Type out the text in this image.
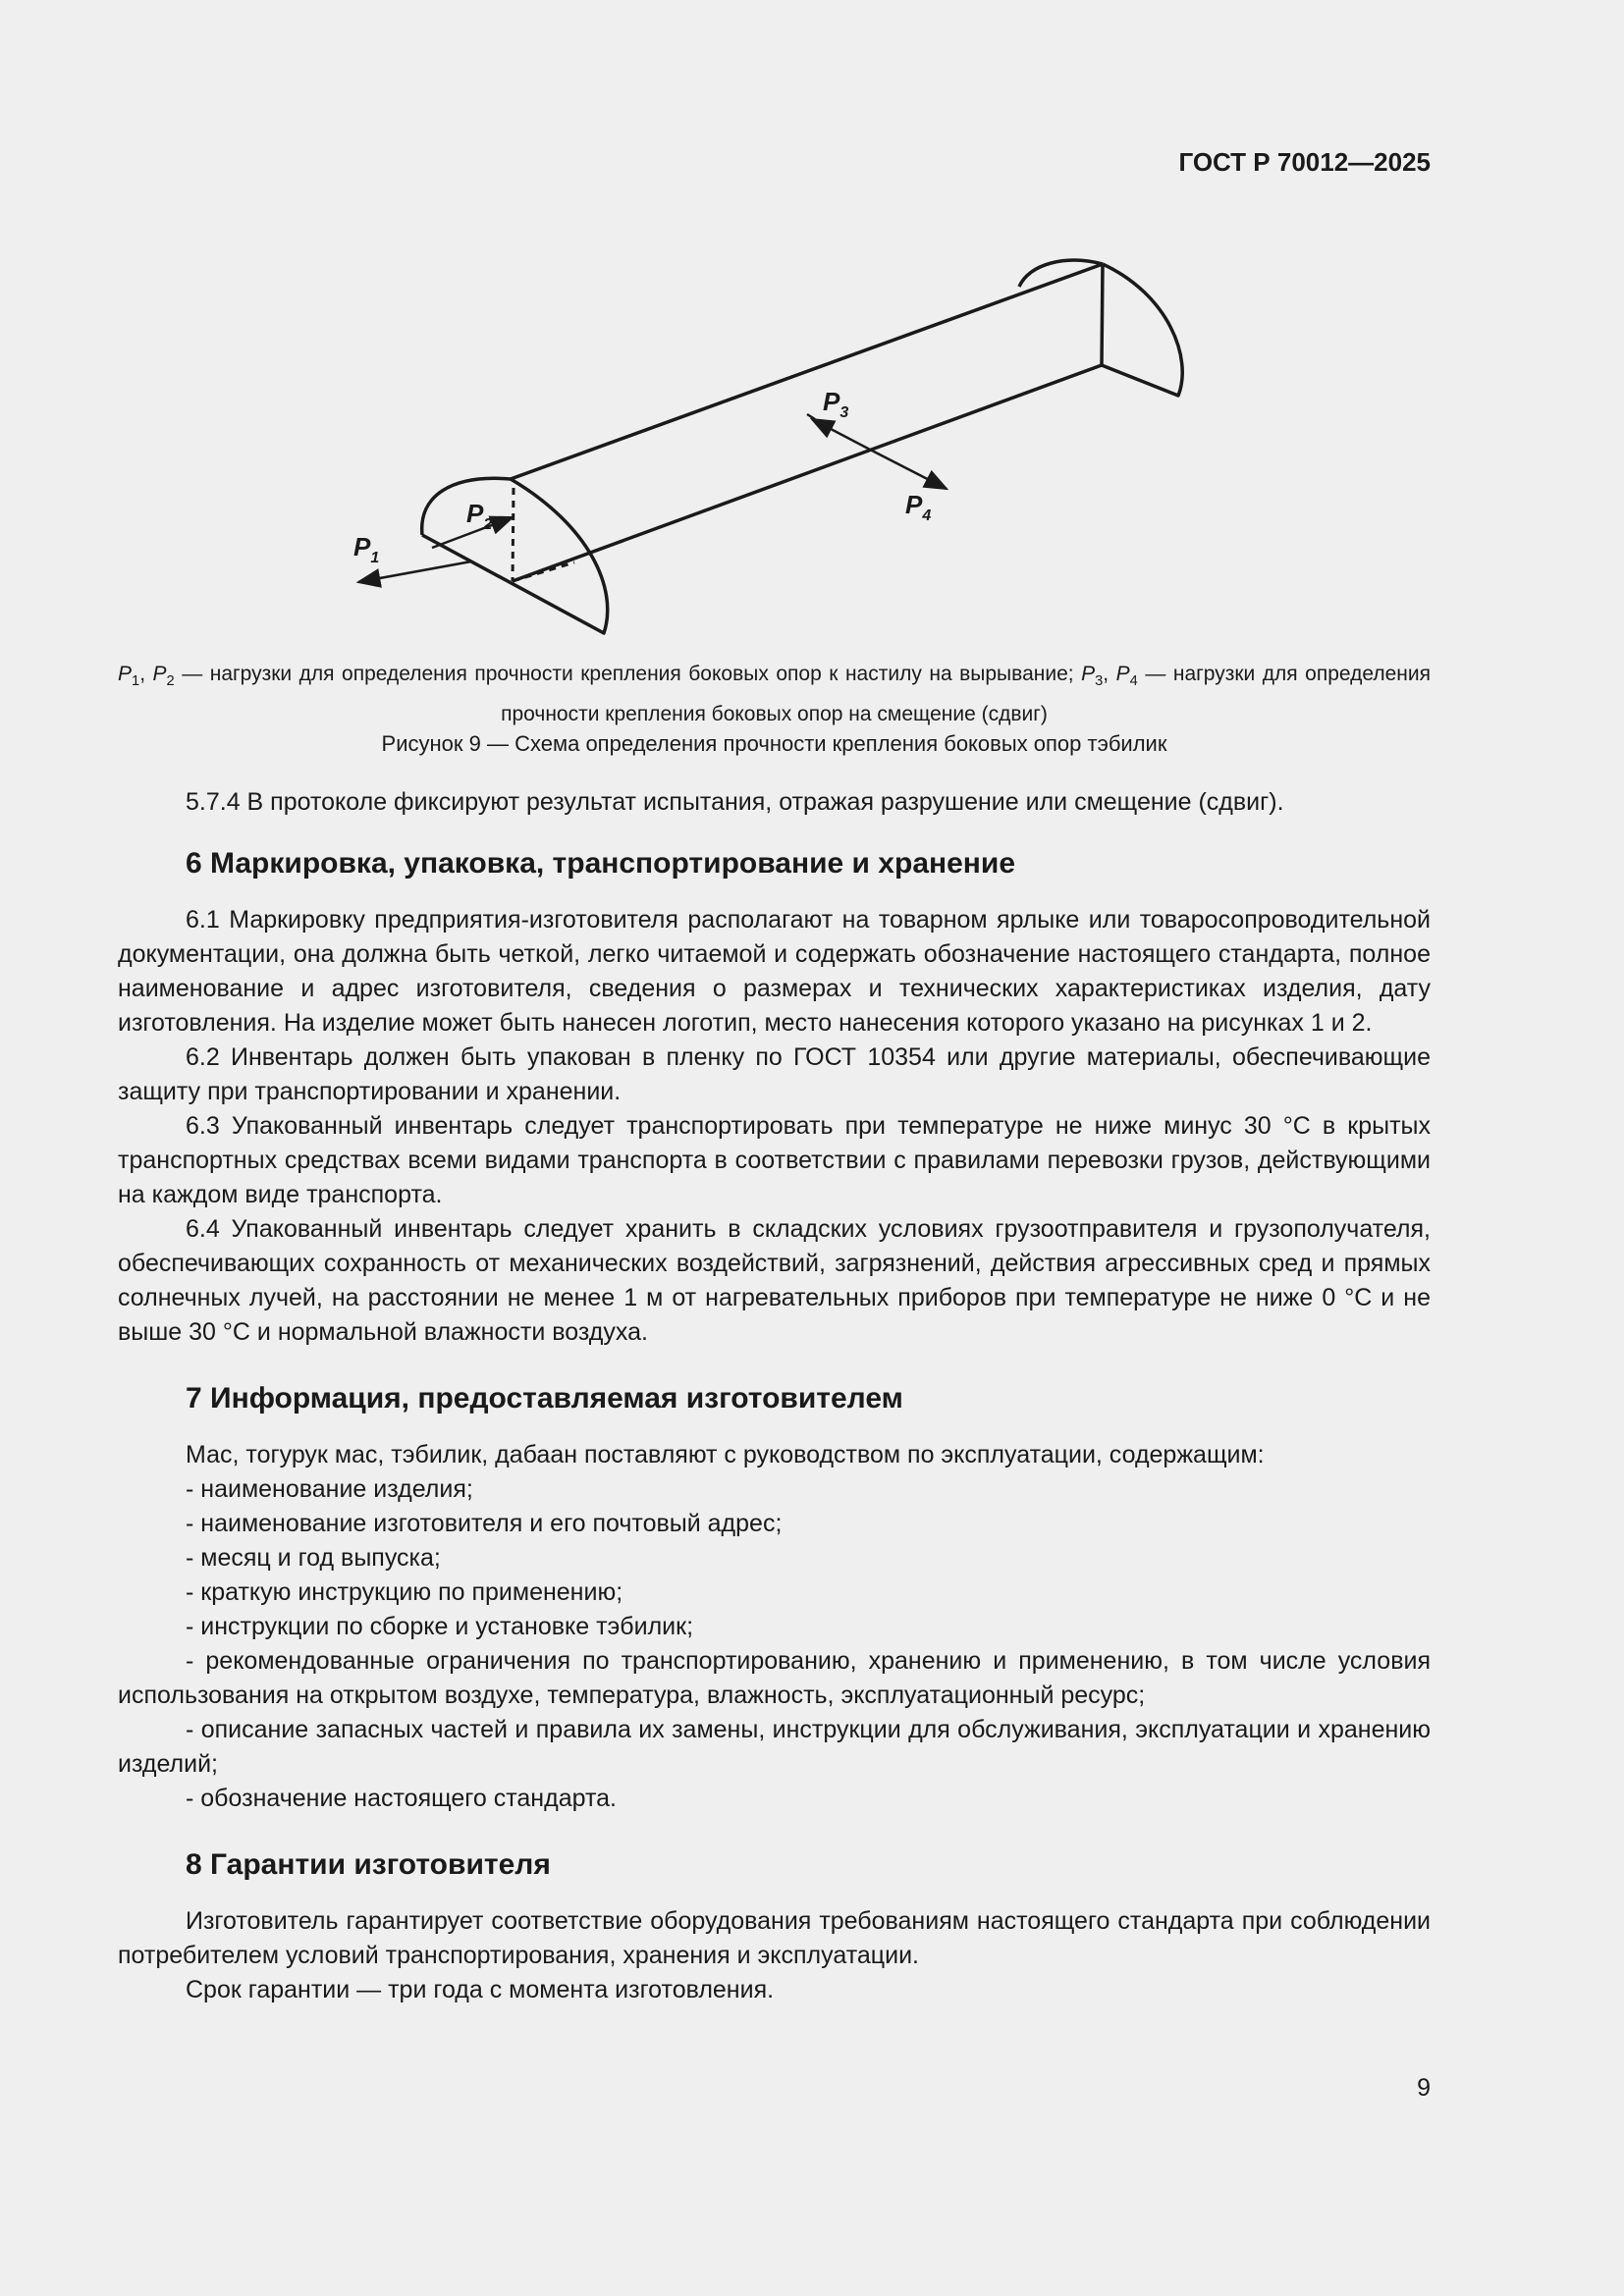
ГОСТ Р 70012—2025
$P_1$
$P_2$
$P_3$
$P_4$
$P_1$, $P_2$ — нагрузки для определения прочности крепления боковых опор к настилу на вырывание; $P_3$, $P_4$ — нагрузки для определения прочности крепления боковых опор на смещение (сдвиг)
Рисунок 9 — Схема определения прочности крепления боковых опор тэбилик

5.7.4 В протоколе фиксируют результат испытания, отражая разрушение или смещение (сдвиг).

6 Маркировка, упаковка, транспортирование и хранение

6.1 Маркировку предприятия-изготовителя располагают на товарном ярлыке или товаросопроводительной документации, она должна быть четкой, легко читаемой и содержать обозначение настоящего стандарта, полное наименование и адрес изготовителя, сведения о размерах и технических характеристиках изделия, дату изготовления. На изделие может быть нанесен логотип, место нанесения которого указано на рисунках 1 и 2.

6.2 Инвентарь должен быть упакован в пленку по ГОСТ 10354 или другие материалы, обеспечивающие защиту при транспортировании и хранении.

6.3 Упакованный инвентарь следует транспортировать при температуре не ниже минус 30 °С в крытых транспортных средствах всеми видами транспорта в соответствии с правилами перевозки грузов, действующими на каждом виде транспорта.

6.4 Упакованный инвентарь следует хранить в складских условиях грузоотправителя и грузополучателя, обеспечивающих сохранность от механических воздействий, загрязнений, действия агрессивных сред и прямых солнечных лучей, на расстоянии не менее 1 м от нагревательных приборов при температуре не ниже 0 °С и не выше 30 °С и нормальной влажности воздуха.

7 Информация, предоставляемая изготовителем

Мас, тогурук мас, тэбилик, дабаан поставляют с руководством по эксплуатации, содержащим:

- наименование изделия;

- наименование изготовителя и его почтовый адрес;

- месяц и год выпуска;

- краткую инструкцию по применению;

- инструкции по сборке и установке тэбилик;

- рекомендованные ограничения по транспортированию, хранению и применению, в том числе условия использования на открытом воздухе, температура, влажность, эксплуатационный ресурс;

- описание запасных частей и правила их замены, инструкции для обслуживания, эксплуатации и хранению изделий;

- обозначение настоящего стандарта.

8 Гарантии изготовителя

Изготовитель гарантирует соответствие оборудования требованиям настоящего стандарта при соблюдении потребителем условий транспортирования, хранения и эксплуатации.

Срок гарантии — три года с момента изготовления.

9
